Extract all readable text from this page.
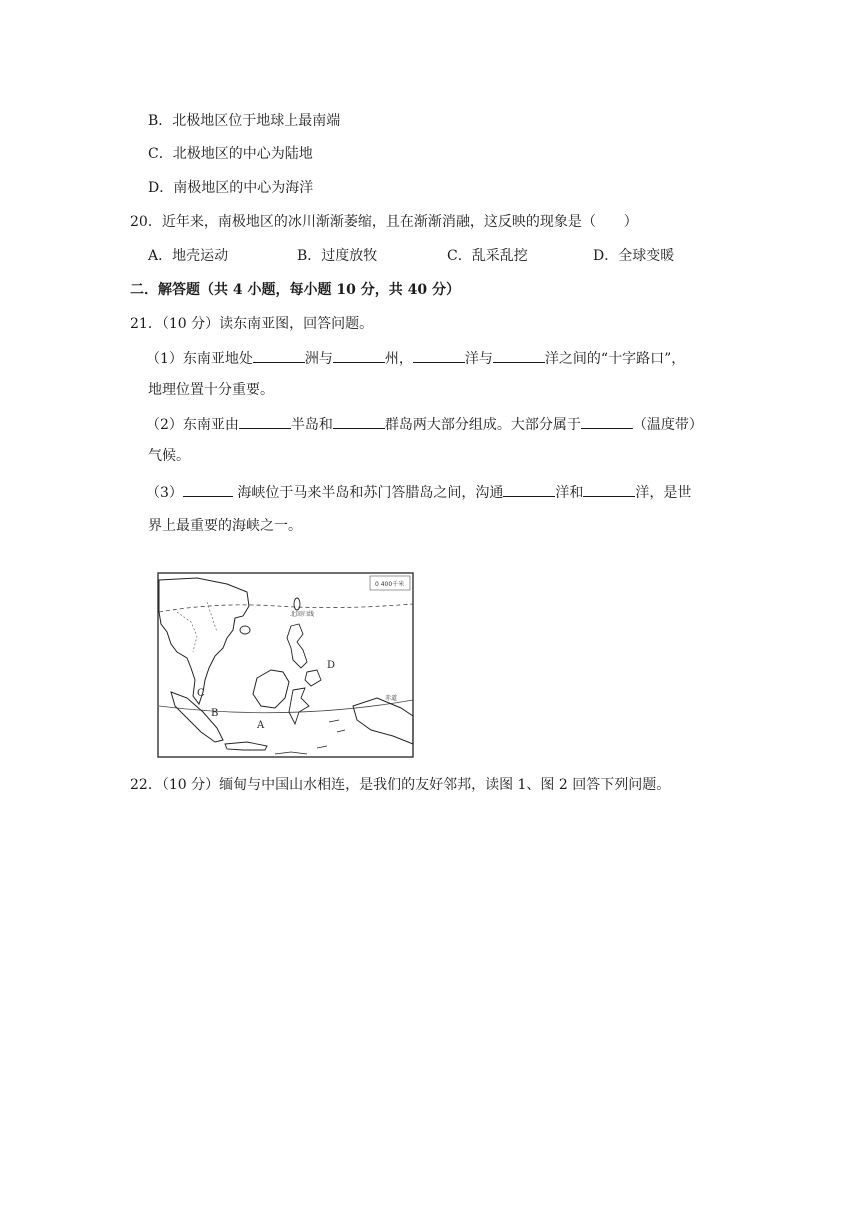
B．北极地区位于地球上最南端
C．北极地区的中心为陆地
D．南极地区的中心为海洋
20．近年来，南极地区的冰川渐渐萎缩，且在渐渐消融，这反映的现象是（　　）
A．地壳运动	B．过度放牧	C．乱采乱挖	D．全球变暖
二．解答题（共 4 小题，每小题 10 分，共 40 分）
21．（10 分）读东南亚图，回答问题。
（1）东南亚地处	洲与	州，	洋与	洋之间的“十字路口”，
地理位置十分重要。
（2）东南亚由	半岛和	群岛两大部分组成。大部分属于	（温度带）
气候。
（3）	海峡位于马来半岛和苏门答腊岛之间，沟通	洋和	洋，是世
界上最重要的海峡之一。
0 400千米
北回归线
赤道
C
B
A
D
22．（10 分）缅甸与中国山水相连，是我们的友好邻邦，读图 1、图 2 回答下列问题。
